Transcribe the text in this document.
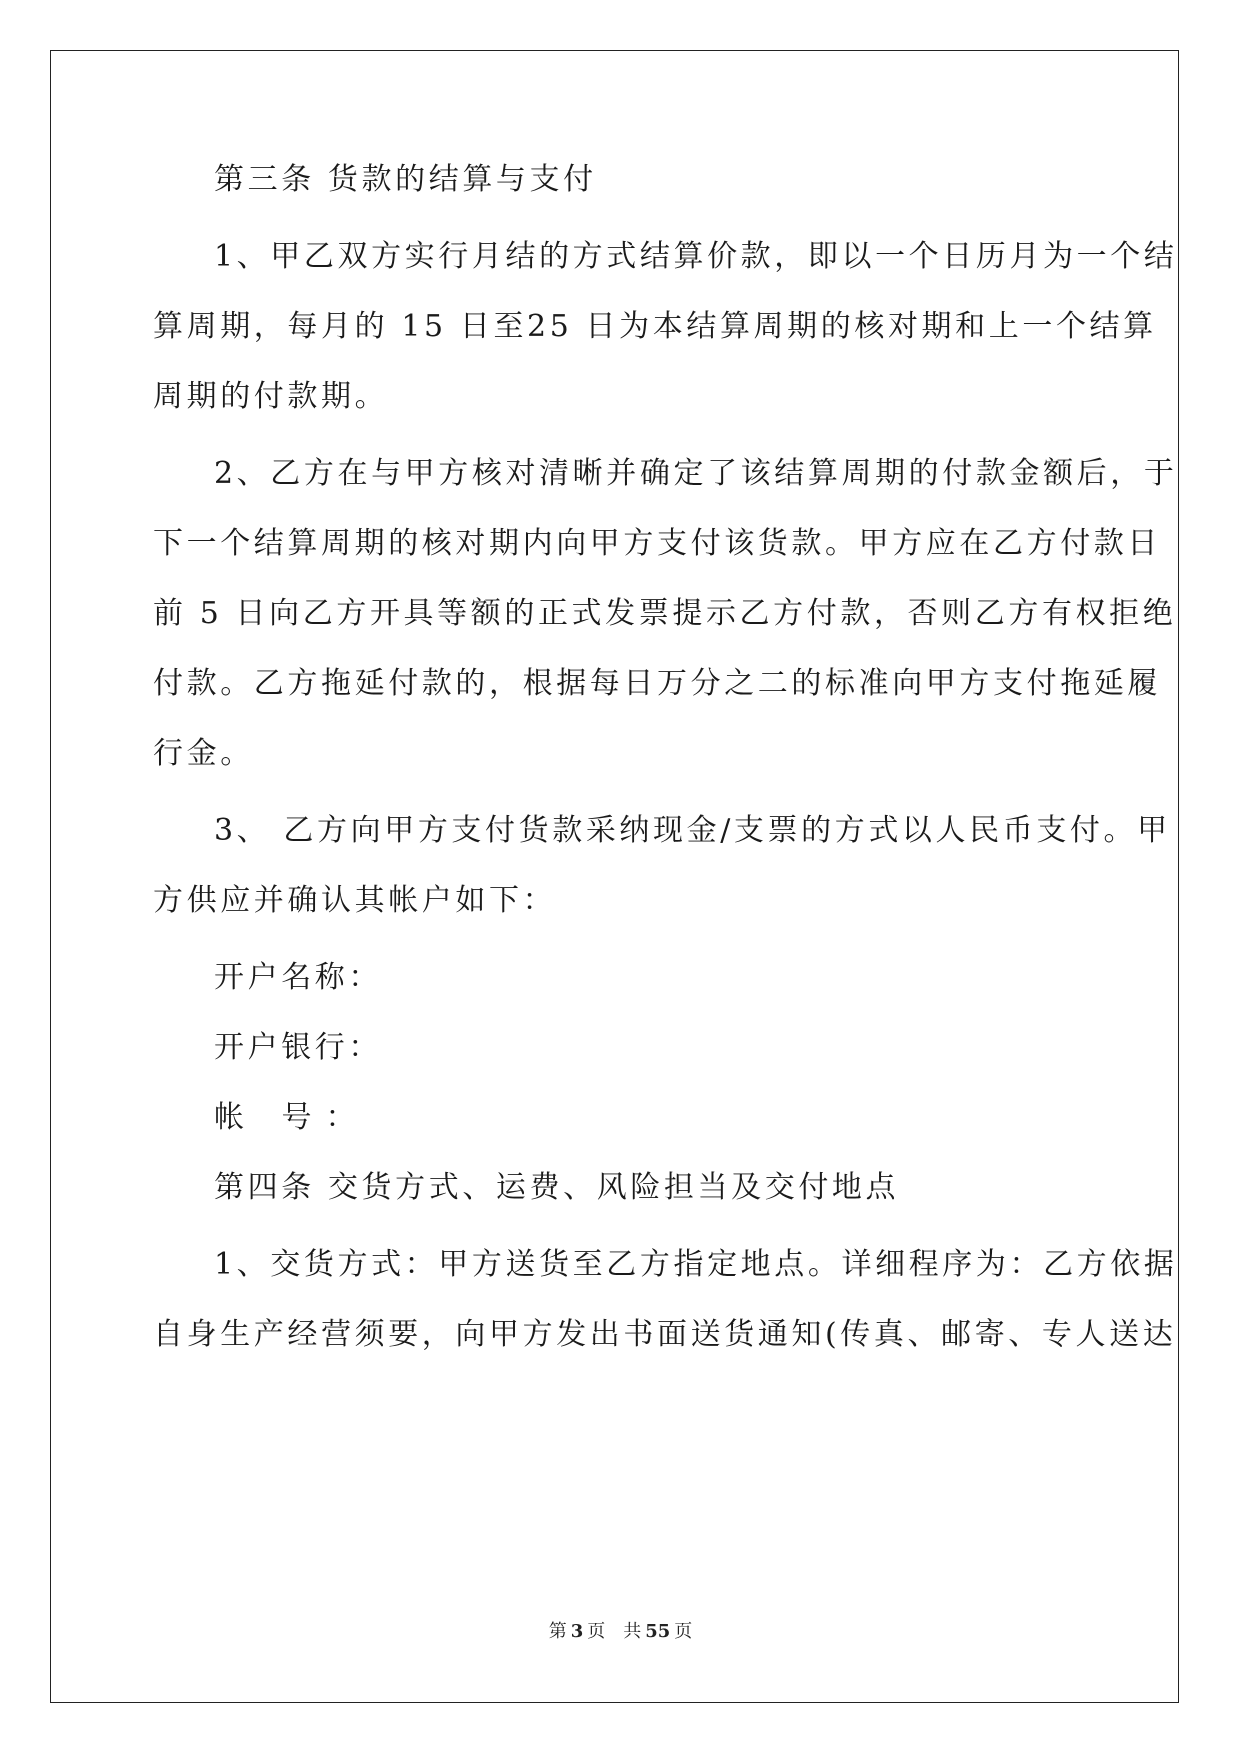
第三条 货款的结算与支付
1、甲乙双方实行月结的方式结算价款，即以一个日历月为一个结
算周期，每月的 15 日至25 日为本结算周期的核对期和上一个结算
周期的付款期。
2、乙方在与甲方核对清晰并确定了该结算周期的付款金额后，于
下一个结算周期的核对期内向甲方支付该货款。甲方应在乙方付款日
前 5 日向乙方开具等额的正式发票提示乙方付款，否则乙方有权拒绝
付款。乙方拖延付款的，根据每日万分之二的标准向甲方支付拖延履
行金。
3、 乙方向甲方支付货款采纳现金/支票的方式以人民币支付。甲
方供应并确认其帐户如下：
开户名称：
开户银行：
帐 号：
第四条 交货方式、运费、风险担当及交付地点
1、交货方式：甲方送货至乙方指定地点。详细程序为：乙方依据
自身生产经营须要，向甲方发出书面送货通知(传真、邮寄、专人送达
第 3 页 共 55 页
